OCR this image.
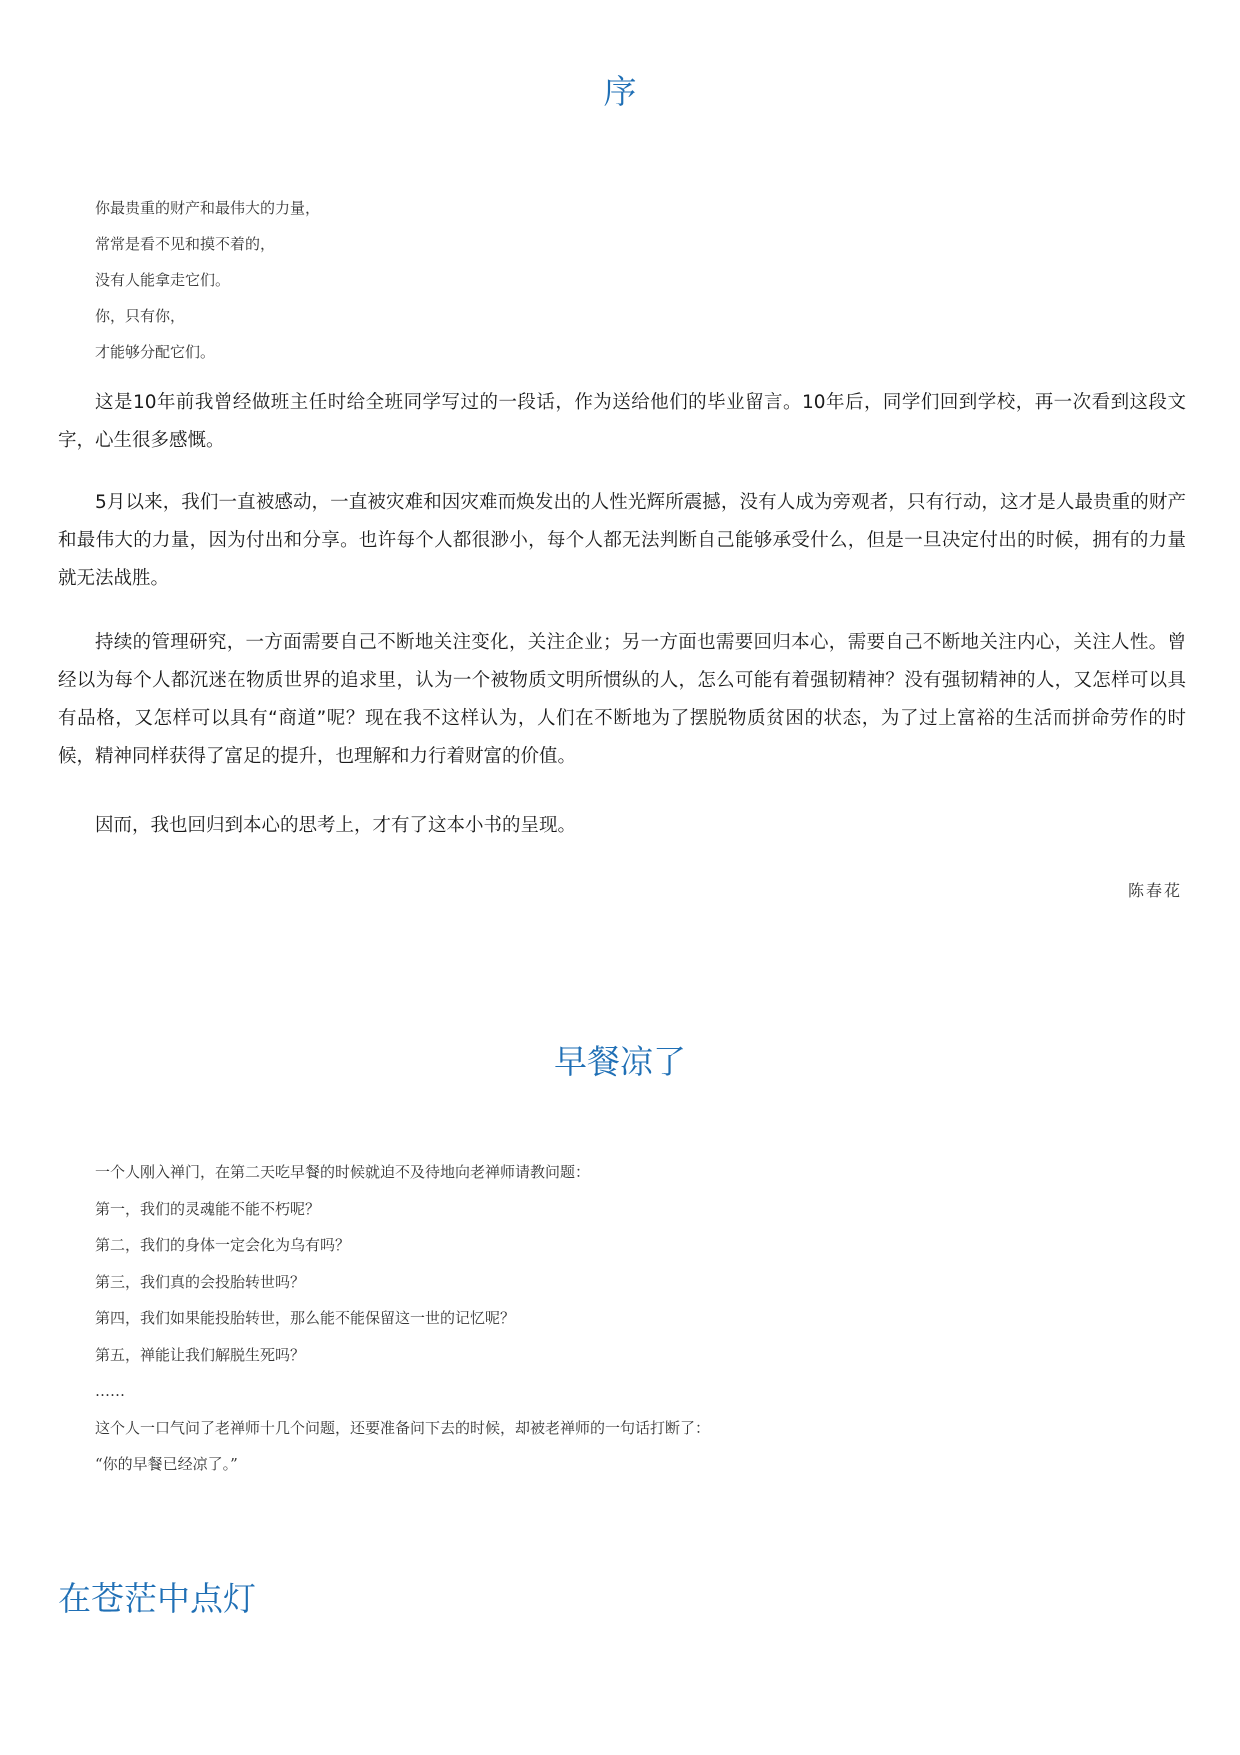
序
你最贵重的财产和最伟大的力量，
常常是看不见和摸不着的，
没有人能拿走它们。
你，只有你，
才能够分配它们。

这是10年前我曾经做班主任时给全班同学写过的一段话，作为送给他们的毕业留言。10年后，同学们回到学校，再一次看到这段文字，心生很多感慨。

5月以来，我们一直被感动，一直被灾难和因灾难而焕发出的人性光辉所震撼，没有人成为旁观者，只有行动，这才是人最贵重的财产和最伟大的力量，因为付出和分享。也许每个人都很渺小，每个人都无法判断自己能够承受什么，但是一旦决定付出的时候，拥有的力量就无法战胜。

持续的管理研究，一方面需要自己不断地关注变化，关注企业；另一方面也需要回归本心，需要自己不断地关注内心，关注人性。曾经以为每个人都沉迷在物质世界的追求里，认为一个被物质文明所惯纵的人，怎么可能有着强韧精神？没有强韧精神的人，又怎样可以具有品格，又怎样可以具有“商道”呢？现在我不这样认为，人们在不断地为了摆脱物质贫困的状态，为了过上富裕的生活而拼命劳作的时候，精神同样获得了富足的提升，也理解和力行着财富的价值。

因而，我也回归到本心的思考上，才有了这本小书的呈现。

陈春花
早餐凉了
一个人刚入禅门，在第二天吃早餐的时候就迫不及待地向老禅师请教问题：
第一，我们的灵魂能不能不朽呢？
第二，我们的身体一定会化为乌有吗？
第三，我们真的会投胎转世吗？
第四，我们如果能投胎转世，那么能不能保留这一世的记忆呢？
第五，禅能让我们解脱生死吗？
……
这个人一口气问了老禅师十几个问题，还要准备问下去的时候，却被老禅师的一句话打断了：
“你的早餐已经凉了。”
在苍茫中点灯
